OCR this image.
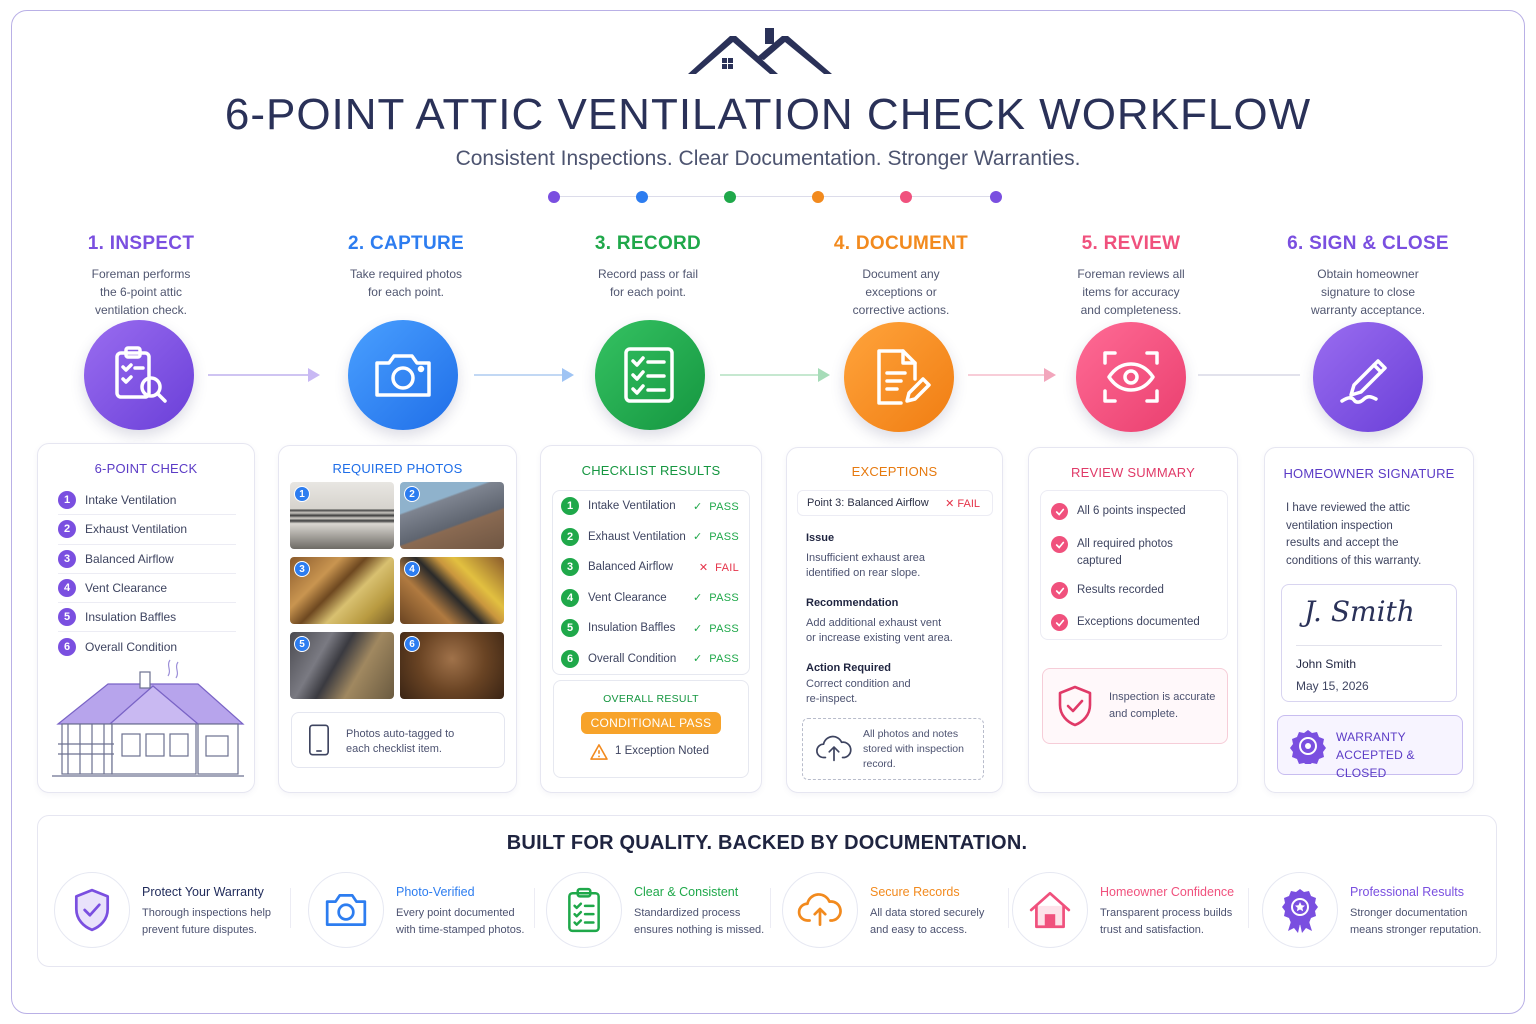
6-POINT ATTIC VENTILATION CHECK WORKFLOW
Consistent Inspections. Clear Documentation. Stronger Warranties.
1. INSPECT
Foreman performs
the 6-point attic
ventilation check.
2. CAPTURE
Take required photos
for each point.
3. RECORD
Record pass or fail
for each point.
4. DOCUMENT
Document any
exceptions or
corrective actions.
5. REVIEW
Foreman reviews all
items for accuracy
and completeness.
6. SIGN & CLOSE
Obtain homeowner
signature to close
warranty acceptance.
6-POINT CHECK
1	Intake Ventilation
2	Exhaust Ventilation
3	Balanced Airflow
4	Vent Clearance
5	Insulation Baffles
6	Overall Condition
REQUIRED PHOTOS
1	2
3	4
5	6
Photos auto-tagged to
each checklist item.
CHECKLIST RESULTS
1	Intake Ventilation ✓ PASS
2	Exhaust Ventilation ✓ PASS
3	Balanced Airflow ✕ FAIL
4	Vent Clearance ✓ PASS
5	Insulation Baffles ✓ PASS
6	Overall Condition ✓ PASS
OVERALL RESULT
CONDITIONAL PASS
1 Exception Noted
EXCEPTIONS
Point 3: Balanced Airflow ✕ FAIL
Issue
Insufficient exhaust area
identified on rear slope.
Recommendation
Add additional exhaust vent
or increase existing vent area.
Action Required
Correct condition and
re-inspect.
All photos and notes
stored with inspection
record.
REVIEW SUMMARY
All 6 points inspected
All required photos
captured
Results recorded
Exceptions documented
Inspection is accurate
and complete.
HOMEOWNER SIGNATURE
I have reviewed the attic
ventilation inspection
results and accept the
conditions of this warranty.
J. Smith
John Smith
May 15, 2026
WARRANTY
ACCEPTED & CLOSED
BUILT FOR QUALITY. BACKED BY DOCUMENTATION.
Protect Your Warranty
Thorough inspections help
prevent future disputes.
Photo-Verified
Every point documented
with time-stamped photos.
Clear & Consistent
Standardized process
ensures nothing is missed.
Secure Records
All data stored securely
and easy to access.
Homeowner Confidence
Transparent process builds
trust and satisfaction.
Professional Results
Stronger documentation
means stronger reputation.
